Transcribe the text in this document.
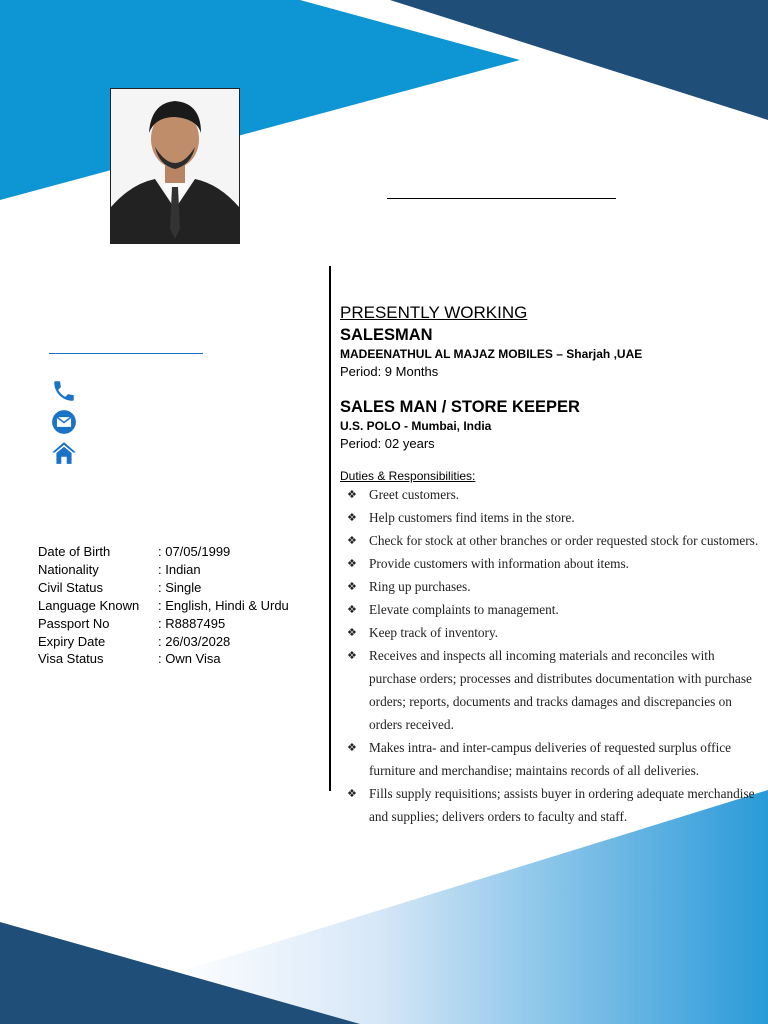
Date of Birth	: 07/05/1999
Nationality	: Indian
Civil Status	: Single
Language Known	: English, Hindi & Urdu
Passport No	: R8887495
Expiry Date	: 26/03/2028
Visa Status	: Own Visa

PRESENTLY WORKING

SALESMAN

MADEENATHUL AL MAJAZ MOBILES – Sharjah ,UAE

Period: 9 Months

SALES MAN / STORE KEEPER

U.S. POLO - Mumbai, India

Period: 02 years

Duties & Responsibilities:

❖ Greet customers.
❖ Help customers find items in the store.
❖ Check for stock at other branches or order requested stock for customers.
❖ Provide customers with information about items.
❖ Ring up purchases.
❖ Elevate complaints to management.
❖ Keep track of inventory.
❖ Receives and inspects all incoming materials and reconciles with purchase orders; processes and distributes documentation with purchase orders; reports, documents and tracks damages and discrepancies on orders received.
❖ Makes intra- and inter-campus deliveries of requested surplus office furniture and merchandise; maintains records of all deliveries.
❖ Fills supply requisitions; assists buyer in ordering adequate merchandise and supplies; delivers orders to faculty and staff.
